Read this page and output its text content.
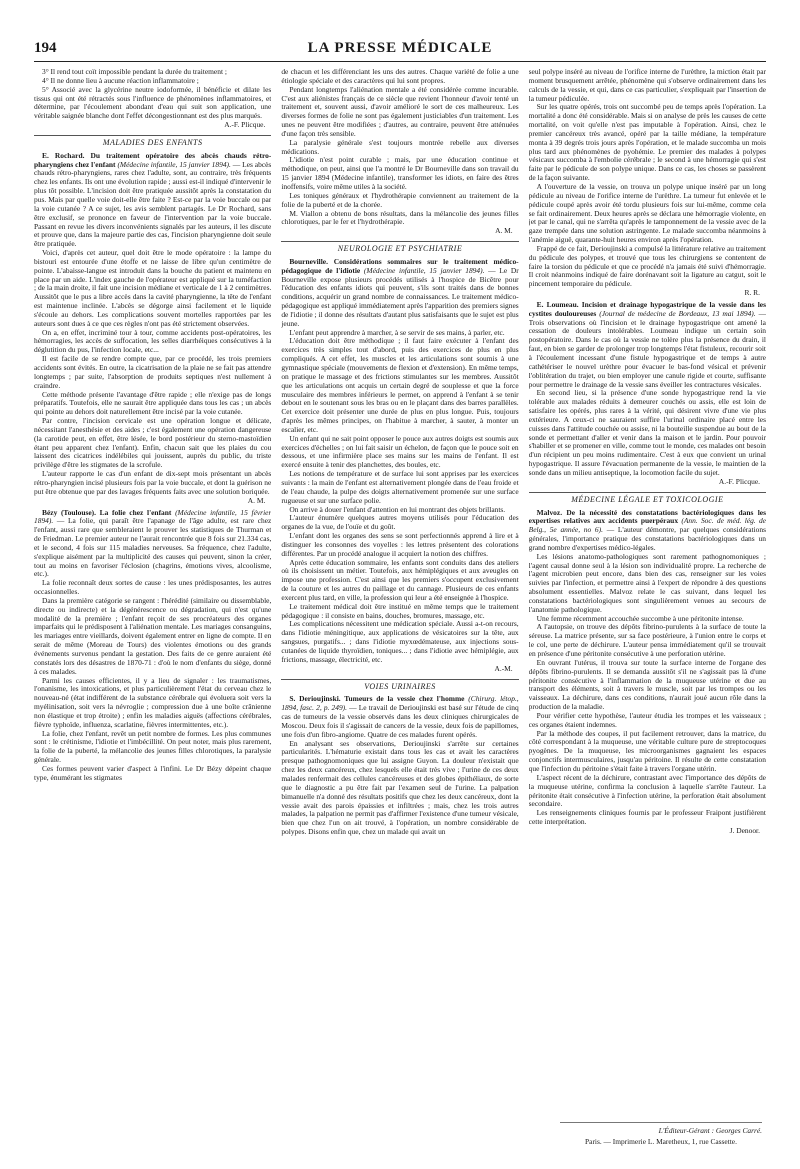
194	LA PRESSE MÉDICALE

3° Il rend tout coït impossible pendant la durée du traitement ;

4° Il ne donne lieu à aucune réaction inflammatoire ;

5° Associé avec la glycérine neutre iodoformée, il bénéficie et dilate les tissus qui ont été rétractés sous l'influence de phénomènes inflammatoires, et détermine, par l'écoulement abondant d'eau qui suit son application, une véritable saignée blanche dont l'effet décongestionnant est des plus marqués.

A.-F. Plicque.
MALADIES DES ENFANTS

E. Rochard. Du traitement opératoire des abcès chauds rétro-pharyngiens chez l'enfant (Médecine infantile, 15 janvier 1894). — Les abcès chauds rétro-pharyngiens, rares chez l'adulte, sont, au contraire, très fréquents chez les enfants. Ils ont une évolution rapide ; aussi est-il indiqué d'intervenir le plus tôt possible. L'incision doit être pratiquée aussitôt après la constatation du pus. Mais par quelle voie doit-elle être faite ? Est-ce par la voie buccale ou par la voie cutanée ? A ce sujet, les avis semblent partagés. Le Dr Rochard, sans être exclusif, se prononce en faveur de l'intervention par la voie buccale. Passant en revue les divers inconvénients signalés par les auteurs, il les discute et prouve que, dans la majeure partie des cas, l'incision pharyngienne doit seule être pratiquée.

Voici, d'après cet auteur, quel doit être le mode opératoire : la lampe du bistouri est entourée d'une étoffe et ne laisse de libre qu'un centimètre de pointe. L'abaisse-langue est introduit dans la bouche du patient et maintenu en place par un aide. L'index gauche de l'opérateur est appliqué sur la tuméfaction ; de la main droite, il fait une incision médiane et verticale de 1 à 2 centimètres. Aussitôt que le pus a libre accès dans la cavité pharyngienne, la tête de l'enfant est maintenue inclinée. L'abcès se dégorge ainsi facilement et le liquide s'écoule au dehors. Les complications souvent mortelles rapportées par les auteurs sont dues à ce que ces règles n'ont pas été strictement observées.

On a, en effet, incriminé tour à tour, comme accidents post-opératoires, les hémorragies, les accès de suffocation, les selles diarrhéiques consécutives à la déglutition du pus, l'infection locale, etc...

Il est facile de se rendre compte que, par ce procédé, les trois premiers accidents sont évités. En outre, la cicatrisation de la plaie ne se fait pas attendre longtemps ; par suite, l'absorption de produits septiques n'est nullement à craindre.

Cette méthode présente l'avantage d'être rapide ; elle n'exige pas de longs préparatifs. Toutefois, elle ne saurait être appliquée dans tous les cas ; un abcès qui pointe au dehors doit naturellement être incisé par la voie cutanée.

Par contre, l'incision cervicale est une opération longue et délicate, nécessitant l'anesthésie et des aides ; c'est également une opération dangereuse (la carotide peut, en effet, être lésée, le bord postérieur du sterno-mastoïdien étant peu apparent chez l'enfant). Enfin, chacun sait que les plaies du cou laissent des cicatrices indélébiles qui jouissent, auprès du public, du triste privilège d'être les stigmates de la scrofule.

L'auteur rapporte le cas d'un enfant de dix-sept mois présentant un abcès rétro-pharyngien incisé plusieurs fois par la voie buccale, et dont la guérison ne put être obtenue que par des lavages fréquents faits avec une solution boriquée.

A. M.

Bézy (Toulouse). La folie chez l'enfant (Médecine infantile, 15 février 1894). — La folie, qui paraît être l'apanage de l'âge adulte, est rare chez l'enfant, aussi rare que sembleraient le prouver les statistiques de Thurman et de Friedman. Le premier auteur ne l'aurait rencontrée que 8 fois sur 21.334 cas, et le second, 4 fois sur 115 maladies nerveuses. Sa fréquence, chez l'adulte, s'explique aisément par la multiplicité des causes qui peuvent, sinon la créer, tout au moins en favoriser l'éclosion (chagrins, émotions vives, alcoolisme, etc.).

La folie reconnaît deux sortes de cause : les unes prédisposantes, les autres occasionnelles.

Dans la première catégorie se rangent : l'hérédité (similaire ou dissemblable, directe ou indirecte) et la dégénérescence ou dégradation, qui n'est qu'une modalité de la première ; l'enfant reçoit de ses procréateurs des organes imparfaits qui le prédisposent à l'aliénation mentale. Les mariages consanguins, les mariages entre vieillards, doivent également entrer en ligne de compte. Il en serait de même (Moreau de Tours) des violentes émotions ou des grands événements survenus pendant la gestation. Des faits de ce genre auraient été constatés lors des désastres de 1870-71 : d'où le nom d'enfants du siège, donné à ces malades.

Parmi les causes efficientes, il y a lieu de signaler : les traumatismes, l'onanisme, les intoxications, et plus particulièrement l'état du cerveau chez le nouveau-né (état indifférent de la substance cérébrale qui évoluera soit vers la myélinisation, soit vers la névroglie ; compression due à une boîte crânienne non élastique et trop étroite) ; enfin les maladies aiguës (affections cérébrales, fièvre typhoïde, influenza, scarlatine, fièvres intermittentes, etc.).

La folie, chez l'enfant, revêt un petit nombre de formes. Les plus communes sont : le crétinisme, l'idiotie et l'imbécillité. On peut noter, mais plus rarement, la folie de la puberté, la mélancolie des jeunes filles chlorotiques, la paralysie générale.

Ces formes peuvent varier d'aspect à l'infini. Le Dr Bézy dépeint chaque type, énumérant les stigmates

de chacun et les différenciant les uns des autres. Chaque variété de folie a une étiologie spéciale et des caractères qui lui sont propres.

Pendant longtemps l'aliénation mentale a été considérée comme incurable. C'est aux aliénistes français de ce siècle que revient l'honneur d'avoir tenté un traitement et, souvent aussi, d'avoir amélioré le sort de ces malheureux. Les diverses formes de folie ne sont pas également justiciables d'un traitement. Les unes ne peuvent être modifiées ; d'autres, au contraire, peuvent être atténuées d'une façon très sensible.

La paralysie générale s'est toujours montrée rebelle aux diverses médications.

L'idiotie n'est point curable ; mais, par une éducation continue et méthodique, on peut, ainsi que l'a montré le Dr Bourneville dans son travail du 15 janvier 1894 (Médecine infantile), transformer les idiots, en faire des êtres inoffensifs, voire même utiles à la société.

Les toniques généraux et l'hydrothérapie conviennent au traitement de la folie de la puberté et de la chorée.

M. Viallon a obtenu de bons résultats, dans la mélancolie des jeunes filles chlorotiques, par le fer et l'hydrothérapie.

A. M.
NEUROLOGIE ET PSYCHIATRIE

Bourneville. Considérations sommaires sur le traitement médico-pédagogique de l'idiotie (Médecine infantile, 15 janvier 1894). — Le Dr Bourneville expose plusieurs procédés utilisés à l'hospice de Bicêtre pour l'éducation des enfants idiots qui peuvent, s'ils sont traités dans de bonnes conditions, acquérir un grand nombre de connaissances. Le traitement médico-pédagogique est appliqué immédiatement après l'apparition des premiers signes de l'idiotie ; il donne des résultats d'autant plus satisfaisants que le sujet est plus jeune.

L'enfant peut apprendre à marcher, à se servir de ses mains, à parler, etc.

L'éducation doit être méthodique ; il faut faire exécuter à l'enfant des exercices très simples tout d'abord, puis des exercices de plus en plus compliqués. A cet effet, les muscles et les articulations sont soumis à une gymnastique spéciale (mouvements de flexion et d'extension). En même temps, on pratique le massage et des frictions stimulantes sur les membres. Aussitôt que les articulations ont acquis un certain degré de souplesse et que la force musculaire des membres inférieurs le permet, on apprend à l'enfant à se tenir debout en le soutenant sous les bras ou en le plaçant dans des barres parallèles. Cet exercice doit présenter une durée de plus en plus longue. Puis, toujours d'après les mêmes principes, on l'habitue à marcher, à sauter, à monter un escalier, etc.

Un enfant qui ne sait point opposer le pouce aux autres doigts est soumis aux exercices d'échelles ; on lui fait saisir un échelon, de façon que le pouce soit en dessous, et une infirmière place ses mains sur les mains de l'enfant. Il est exercé ensuite à tenir des planchettes, des boules, etc.

Les notions de température et de surface lui sont apprises par les exercices suivants : la main de l'enfant est alternativement plongée dans de l'eau froide et de l'eau chaude, la pulpe des doigts alternativement promenée sur une surface rugueuse et sur une surface polie.

On arrive à douer l'enfant d'attention en lui montrant des objets brillants.

L'auteur énumère quelques autres moyens utilisés pour l'éducation des organes de la vue, de l'ouïe et du goût.

L'enfant dont les organes des sens se sont perfectionnés apprend à lire et à distinguer les consonnes des voyelles : les lettres présentent des colorations différentes. Par un procédé analogue il acquiert la notion des chiffres.

Après cette éducation sommaire, les enfants sont conduits dans des ateliers où ils choisissent un métier. Toutefois, aux hémiplégiques et aux aveugles on impose une profession. C'est ainsi que les premiers s'occupent exclusivement de la couture et les autres du paillage et du cannage. Plusieurs de ces enfants exercent plus tard, en ville, la profession qui leur a été enseignée à l'hospice.

Le traitement médical doit être institué en même temps que le traitement pédagogique : il consiste en bains, douches, bromures, massage, etc.

Les complications nécessitent une médication spéciale. Aussi a-t-on recours, dans l'idiotie méningitique, aux applications de vésicatoires sur la tête, aux sangsues, purgatifs... ; dans l'idiotie myxœdémateuse, aux injections sous-cutanées de liquide thyroïdien, toniques... ; dans l'idiotie avec hémiplégie, aux frictions, massage, électricité, etc.

A.-M.
VOIES URINAIRES

S. Derioujinski. Tumeurs de la vessie chez l'homme (Chirurg. létop., 1894, fasc. 2, p. 249). — Le travail de Derioujinski est basé sur l'étude de cinq cas de tumeurs de la vessie observés dans les deux cliniques chirurgicales de Moscou. Deux fois il s'agissait de cancers de la vessie, deux fois de papillomes, une fois d'un fibro-angiome. Quatre de ces malades furent opérés.

En analysant ses observations, Derioujinski s'arrête sur certaines particularités. L'hématurie existait dans tous les cas et avait les caractères presque pathognomoniques que lui assigne Guyon. La douleur n'existait que chez les deux cancéreux, chez lesquels elle était très vive ; l'urine de ces deux malades renfermait des cellules cancéreuses et des globes épithéliaux, de sorte que le diagnostic a pu être fait par l'examen seul de l'urine. La palpation bimanuelle n'a donné des résultats positifs que chez les deux cancéreux, dont la vessie avait des parois épaissies et infiltrées ; mais, chez les trois autres malades, la palpation ne permit pas d'affirmer l'existence d'une tumeur vésicale, bien que chez l'un on ait trouvé, à l'opération, un nombre considérable de polypes. Disons enfin que, chez un malade qui avait un

seul polype inséré au niveau de l'orifice interne de l'urèthre, la miction était par moment brusquement arrêtée, phénomène qui s'observe ordinairement dans les calculs de la vessie, et qui, dans ce cas particulier, s'expliquait par l'insertion de la tumeur pédiculée.

Sur les quatre opérés, trois ont succombé peu de temps après l'opération. La mortalité a donc été considérable. Mais si on analyse de près les causes de cette mortalité, on voit qu'elle n'est pas imputable à l'opération. Ainsi, chez le premier cancéreux très avancé, opéré par la taille médiane, la température monta à 39 degrés trois jours après l'opération, et le malade succomba un mois plus tard aux phénomènes de pyohémie. Le premier des malades à polypes vésicaux succomba à l'embolie cérébrale ; le second à une hémorragie qui s'est faite par le pédicule de son polype unique. Dans ce cas, les choses se passèrent de la façon suivante.

A l'ouverture de la vessie, on trouva un polype unique inséré par un long pédicule au niveau de l'orifice interne de l'urèthre. La tumeur fut enlevée et le pédicule coupé après avoir été tordu plusieurs fois sur lui-même, comme cela se fait ordinairement. Deux heures après se déclara une hémorragie violente, en jet par le canal, qui ne s'arrêta qu'après le tamponnement de la vessie avec de la gaze trempée dans une solution astringente. Le malade succomba néanmoins à l'anémie aiguë, quarante-huit heures environ après l'opération.

Frappé de ce fait, Derioujinski a compulsé la littérature relative au traitement du pédicule des polypes, et trouvé que tous les chirurgiens se contentent de faire la torsion du pédicule et que ce procédé n'a jamais été suivi d'hémorragie. Il croit néanmoins indiqué de faire dorénavant soit la ligature au catgut, soit le pincement temporaire du pédicule.

R. R.

E. Loumeau. Incision et drainage hypogastrique de la vessie dans les cystites douloureuses (Journal de médecine de Bordeaux, 13 mai 1894). — Trois observations où l'incision et le drainage hypogastrique ont amené la cessation de douleurs intolérables. Loumeau indique un certain soin postopératoire. Dans le cas où la vessie ne tolère plus la présence du drain, il faut, en bien se garder de prolonger trop longtemps l'état fistuleux, recourir soit à l'écoulement incessant d'une fistule hypogastrique et de temps à autre cathétériser le nouvel urèthre pour évacuer le bas-fond vésical et prévenir l'oblitération du trajet, ou bien employer une canule rigide et courte, suffisante pour permettre le drainage de la vessie sans éveiller les contractures vésicales.

En second lieu, si la présence d'une sonde hypogastrique rend la vie tolérable aux malades réduits à demeurer couchés ou assis, elle est loin de satisfaire les opérés, plus rares à la vérité, qui désirent vivre d'une vie plus extérieure. A ceux-ci ne sauraient suffire l'urinal ordinaire placé entre les cuisses dans l'attitude couchée ou assise, ni la bouteille suspendue au bout de la sonde et permettant d'aller et venir dans la maison et le jardin. Pour pouvoir s'habiller et se promener en ville, comme tout le monde, ces malades ont besoin d'un récipient un peu moins rudimentaire. C'est à eux que convient un urinal hypogastrique. Il assure l'évacuation permanente de la vessie, le maintien de la sonde dans un milieu antiseptique, la locomotion facile du sujet.

A.-F. Plicque.
MÉDECINE LÉGALE ET TOXICOLOGIE

Malvoz. De la nécessité des constatations bactériologiques dans les expertises relatives aux accidents puerpéraux (Ann. Soc. de méd. lég. de Belg., 5e année, no 6). — L'auteur démontre, par quelques considérations générales, l'importance pratique des constatations bactériologiques dans un grand nombre d'expertises médico-légales.

Les lésions anatomo-pathologiques sont rarement pathognomoniques ; l'agent causal donne seul à la lésion son individualité propre. La recherche de l'agent microbien peut encore, dans bien des cas, renseigner sur les voies suivies par l'infection, et permettre ainsi à l'expert de répondre à des questions absolument essentielles. Malvoz relate le cas suivant, dans lequel les constatations bactériologiques sont singulièrement venues au secours de l'anatomie pathologique.

Une femme récemment accouchée succombe à une péritonite intense.

A l'autopsie, on trouve des dépôts fibrino-purulents à la surface de toute la séreuse. La matrice présente, sur sa face postérieure, à l'union entre le corps et le col, une perte de déchirure. L'auteur pensa immédiatement qu'il se trouvait en présence d'une péritonite consécutive à une perforation utérine.

En ouvrant l'utérus, il trouva sur toute la surface interne de l'organe des dépôts fibrino-purulents. Il se demanda aussitôt s'il ne s'agissait pas là d'une péritonite consécutive à l'inflammation de la muqueuse utérine et due au transport des éléments, soit à travers le muscle, soit par les trompes ou les vaisseaux. La déchirure, dans ces conditions, n'aurait joué aucun rôle dans la production de la maladie.

Pour vérifier cette hypothèse, l'auteur étudia les trompes et les vaisseaux ; ces organes étaient indemnes.

Par la méthode des coupes, il put facilement retrouver, dans la matrice, du côté correspondant à la muqueuse, une véritable culture pure de streptocoques pyogènes. De la muqueuse, les microorganismes gagnaient les espaces conjonctifs intermusculaires, jusqu'au péritoine. Il résulte de cette constatation que l'infection du péritoine s'était faite à travers l'organe utérin.

L'aspect récent de la déchirure, contrastant avec l'importance des dépôts de la muqueuse utérine, confirma la conclusion à laquelle s'arrête l'auteur. La péritonite était consécutive à l'infection utérine, la perforation était absolument secondaire.

Les renseignements cliniques fournis par le professeur Fraipont justifièrent cette interprétation.

J. Denoor.
L'Éditeur-Gérant : Georges Carré.
Paris. — Imprimerie L. Maretheux, 1, rue Cassette.
